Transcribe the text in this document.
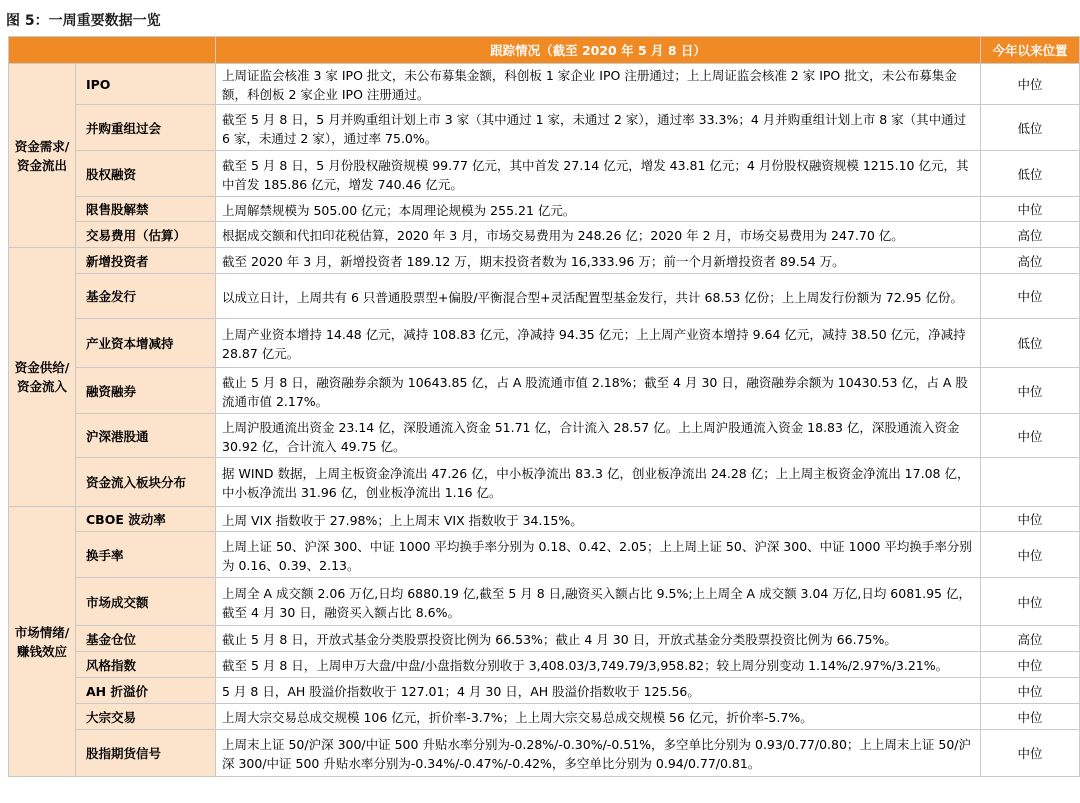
图 5：一周重要数据一览
		跟踪情况（截至 2020 年 5 月 8 日）	今年以来位置
资金需求/
资金流出	IPO	上周证监会核准 3 家 IPO 批文，未公布募集金额，科创板 1 家企业 IPO 注册通过；上上周证监会核准 2 家 IPO 批文，未公布募集金额，科创板 2 家企业 IPO 注册通过。	中位
	并购重组过会	截至 5 月 8 日，5 月并购重组计划上市 3 家（其中通过 1 家，未通过 2 家），通过率 33.3%；4 月并购重组计划上市 8 家（其中通过 6 家，未通过 2 家），通过率 75.0%。	低位
	股权融资	截至 5 月 8 日，5 月份股权融资规模 99.77 亿元，其中首发 27.14 亿元，增发 43.81 亿元；4 月份股权融资规模 1215.10 亿元，其中首发 185.86 亿元，增发 740.46 亿元。	低位
	限售股解禁	上周解禁规模为 505.00 亿元；本周理论规模为 255.21 亿元。	中位
	交易费用（估算）	根据成交额和代扣印花税估算，2020 年 3 月，市场交易费用为 248.26 亿；2020 年 2 月，市场交易费用为 247.70 亿。	高位
资金供给/
资金流入	新增投资者	截至 2020 年 3 月，新增投资者 189.12 万，期末投资者数为 16,333.96 万；前一个月新增投资者 89.54 万。	高位
	基金发行	以成立日计，上周共有 6 只普通股票型+偏股/平衡混合型+灵活配置型基金发行，共计 68.53 亿份；上上周发行份额为 72.95 亿份。	中位
	产业资本增减持	上周产业资本增持 14.48 亿元，减持 108.83 亿元，净减持 94.35 亿元；上上周产业资本增持 9.64 亿元，减持 38.50 亿元，净减持 28.87 亿元。	低位
	融资融券	截止 5 月 8 日，融资融券余额为 10643.85 亿，占 A 股流通市值 2.18%；截至 4 月 30 日，融资融券余额为 10430.53 亿，占 A 股流通市值 2.17%。	中位
	沪深港股通	上周沪股通流出资金 23.14 亿，深股通流入资金 51.71 亿，合计流入 28.57 亿。上上周沪股通流入资金 18.83 亿，深股通流入资金 30.92 亿，合计流入 49.75 亿。	中位
	资金流入板块分布	据 WIND 数据，上周主板资金净流出 47.26 亿，中小板净流出 83.3 亿，创业板净流出 24.28 亿；上上周主板资金净流出 17.08 亿，中小板净流出 31.96 亿，创业板净流出 1.16 亿。	
市场情绪/
赚钱效应	CBOE 波动率	上周 VIX 指数收于 27.98%；上上周末 VIX 指数收于 34.15%。	中位
	换手率	上周上证 50、沪深 300、中证 1000 平均换手率分别为 0.18、0.42、2.05；上上周上证 50、沪深 300、中证 1000 平均换手率分别为 0.16、0.39、2.13。	中位
	市场成交额	上周全 A 成交额 2.06 万亿,日均 6880.19 亿,截至 5 月 8 日,融资买入额占比 9.5%;上上周全 A 成交额 3.04 万亿,日均 6081.95 亿，截至 4 月 30 日，融资买入额占比 8.6%。	中位
	基金仓位	截止 5 月 8 日，开放式基金分类股票投资比例为 66.53%；截止 4 月 30 日，开放式基金分类股票投资比例为 66.75%。	高位
	风格指数	截至 5 月 8 日，上周申万大盘/中盘/小盘指数分别收于 3,408.03/3,749.79/3,958.82；较上周分别变动 1.14%/2.97%/3.21%。	中位
	AH 折溢价	5 月 8 日，AH 股溢价指数收于 127.01；4 月 30 日，AH 股溢价指数收于 125.56。	中位
	大宗交易	上周大宗交易总成交规模 106 亿元，折价率-3.7%；上上周大宗交易总成交规模 56 亿元，折价率-5.7%。	中位
	股指期货信号	上周末上证 50/沪深 300/中证 500 升贴水率分别为-0.28%/-0.30%/-0.51%，多空单比分别为 0.93/0.77/0.80；上上周末上证 50/沪深 300/中证 500 升贴水率分别为-0.34%/-0.47%/-0.42%，多空单比分别为 0.94/0.77/0.81。	中位
